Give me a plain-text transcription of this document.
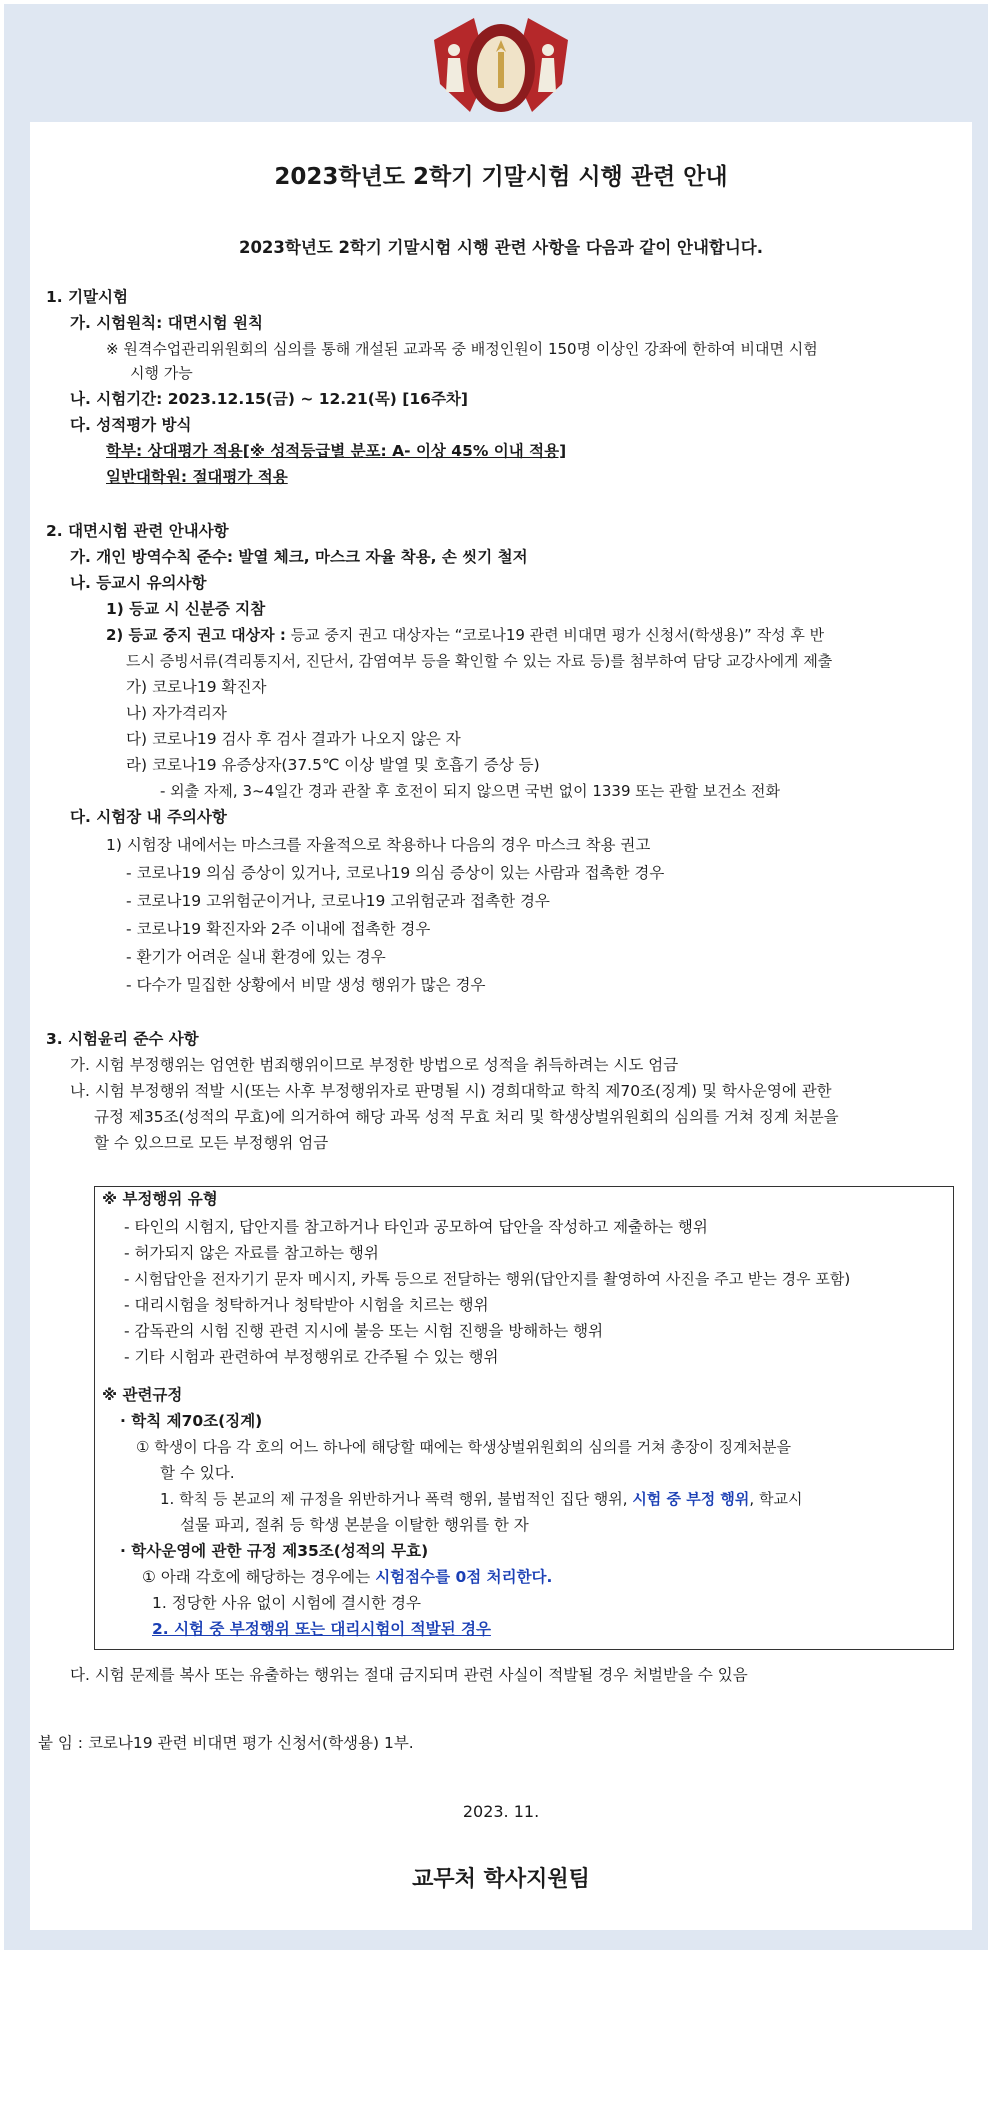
2023학년도 2학기 기말시험 시행 관련 안내
2023학년도 2학기 기말시험 시행 관련 사항을 다음과 같이 안내합니다.
1. 기말시험
가. 시험원칙: 대면시험 원칙
※ 원격수업관리위원회의 심의를 통해 개설된 교과목 중 배정인원이 150명 이상인 강좌에 한하여 비대면 시험
시행 가능
나. 시험기간: 2023.12.15(금) ~ 12.21(목) [16주차]
다. 성적평가 방식
학부: 상대평가 적용[※ 성적등급별 분포: A- 이상 45% 이내 적용]
일반대학원: 절대평가 적용
2. 대면시험 관련 안내사항
가. 개인 방역수칙 준수: 발열 체크, 마스크 자율 착용, 손 씻기 철저
나. 등교시 유의사항
1) 등교 시 신분증 지참
2) 등교 중지 권고 대상자 : 등교 중지 권고 대상자는 “코로나19 관련 비대면 평가 신청서(학생용)” 작성 후 반
드시 증빙서류(격리통지서, 진단서, 감염여부 등을 확인할 수 있는 자료 등)를 첨부하여 담당 교강사에게 제출
가) 코로나19 확진자
나) 자가격리자
다) 코로나19 검사 후 검사 결과가 나오지 않은 자
라) 코로나19 유증상자(37.5℃ 이상 발열 및 호흡기 증상 등)
- 외출 자제, 3~4일간 경과 관찰 후 호전이 되지 않으면 국번 없이 1339 또는 관할 보건소 전화
다. 시험장 내 주의사항
1) 시험장 내에서는 마스크를 자율적으로 착용하나 다음의 경우 마스크 착용 권고
- 코로나19 의심 증상이 있거나, 코로나19 의심 증상이 있는 사람과 접촉한 경우
- 코로나19 고위험군이거나, 코로나19 고위험군과 접촉한 경우
- 코로나19 확진자와 2주 이내에 접촉한 경우
- 환기가 어려운 실내 환경에 있는 경우
- 다수가 밀집한 상황에서 비말 생성 행위가 많은 경우
3. 시험윤리 준수 사항
가. 시험 부정행위는 엄연한 범죄행위이므로 부정한 방법으로 성적을 취득하려는 시도 엄금
나. 시험 부정행위 적발 시(또는 사후 부정행위자로 판명될 시) 경희대학교 학칙 제70조(징계) 및 학사운영에 관한
규정 제35조(성적의 무효)에 의거하여 해당 과목 성적 무효 처리 및 학생상벌위원회의 심의를 거쳐 징계 처분을
할 수 있으므로 모든 부정행위 엄금
※ 부정행위 유형
- 타인의 시험지, 답안지를 참고하거나 타인과 공모하여 답안을 작성하고 제출하는 행위
- 허가되지 않은 자료를 참고하는 행위
- 시험답안을 전자기기 문자 메시지, 카톡 등으로 전달하는 행위(답안지를 촬영하여 사진을 주고 받는 경우 포함)
- 대리시험을 청탁하거나 청탁받아 시험을 치르는 행위
- 감독관의 시험 진행 관련 지시에 불응 또는 시험 진행을 방해하는 행위
- 기타 시험과 관련하여 부정행위로 간주될 수 있는 행위
※ 관련규정
· 학칙 제70조(징계)
① 학생이 다음 각 호의 어느 하나에 해당할 때에는 학생상벌위원회의 심의를 거쳐 총장이 징계처분을
할 수 있다.
1. 학칙 등 본교의 제 규정을 위반하거나 폭력 행위, 불법적인 집단 행위, 시험 중 부정 행위, 학교시
설물 파괴, 절취 등 학생 본분을 이탈한 행위를 한 자
· 학사운영에 관한 규정 제35조(성적의 무효)
① 아래 각호에 해당하는 경우에는 시험점수를 0점 처리한다.
1. 정당한 사유 없이 시험에 결시한 경우
2. 시험 중 부정행위 또는 대리시험이 적발된 경우
다. 시험 문제를 복사 또는 유출하는 행위는 절대 금지되며 관련 사실이 적발될 경우 처벌받을 수 있음
붙 임 : 코로나19 관련 비대면 평가 신청서(학생용) 1부.
2023. 11.
교무처 학사지원팀
